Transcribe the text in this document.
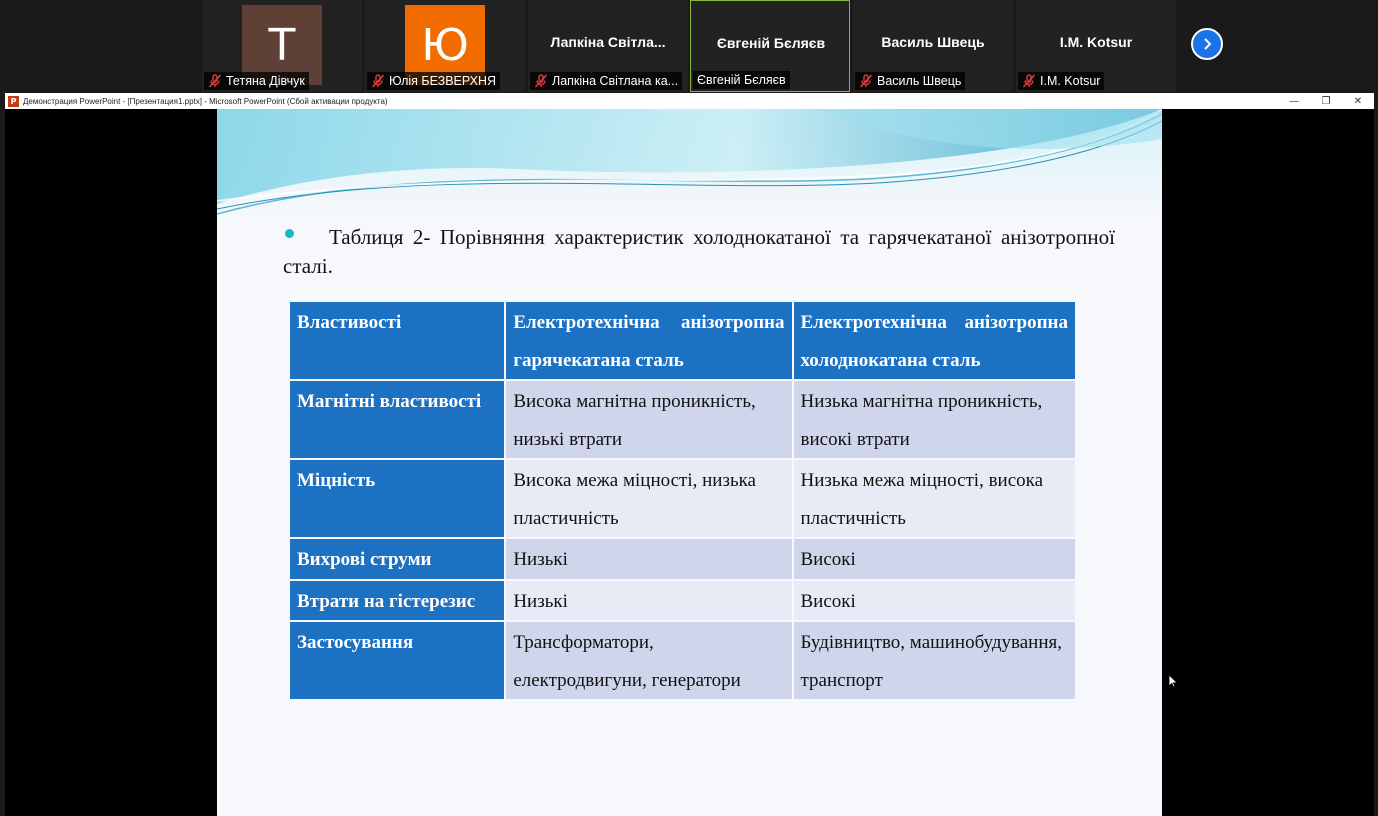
Т
Тетяна Дівчук
Ю
Юлія БЕЗВЕРХНЯ
Лапкіна Світла...
Лапкіна Світлана ка...
Євгеній Бєляєв
Євгеній Бєляєв
Василь Швець
Василь Швець
I.M. Kotsur
I.M. Kotsur
P Демонстрация PowerPoint - [Презентация1.pptx] - Microsoft PowerPoint (Сбой активации продукта)	—	❐	✕
Таблиця 2- Порівняння характеристик холоднокатаної та гарячекатаної анізотропної сталі.
Властивості	Електротехнічна анізотропна гарячекатана сталь	Електротехнічна анізотропна холоднокатана сталь
Магнітні властивості	Висока магнітна проникність, низькі втрати	Низька магнітна проникність, високі втрати
Міцність	Висока межа міцності, низька пластичність	Низька межа міцності, висока пластичність
Вихрові струми	Низькі	Високі
Втрати на гістерезис	Низькі	Високі
Застосування	Трансформатори, електродвигуни, генератори	Будівництво, машинобудування, транспорт
